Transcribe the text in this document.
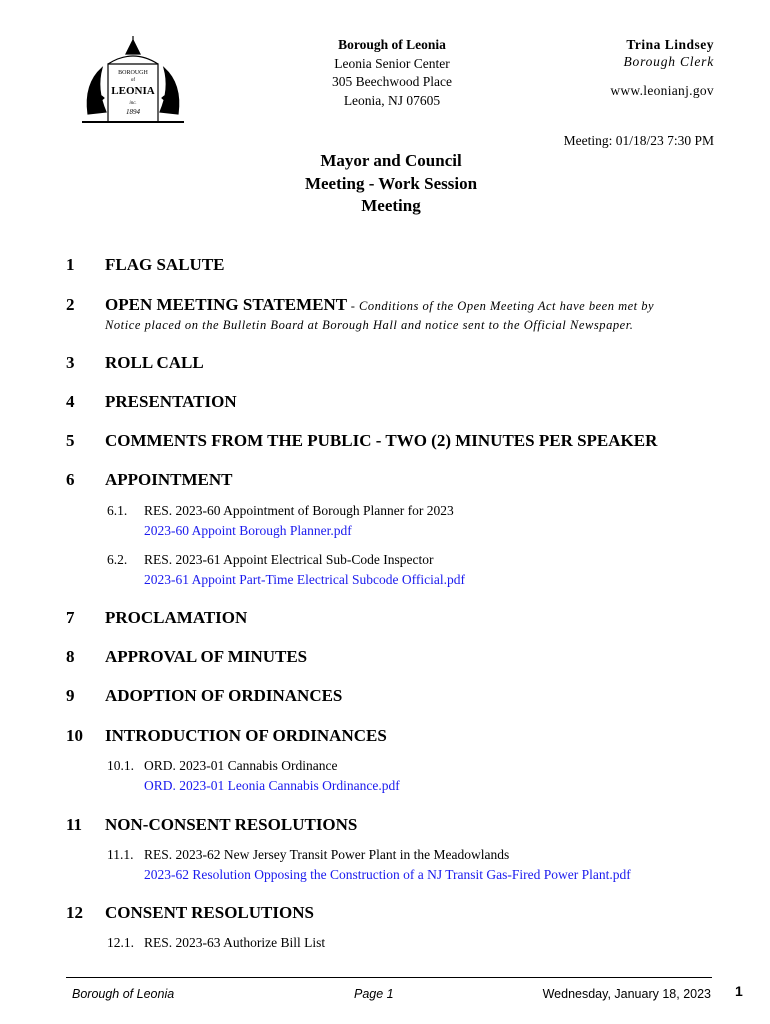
BOROUGH
of
LEONIA
inc.
1894
Borough of Leonia
Leonia Senior Center
305 Beechwood Place
Leonia, NJ 07605
Trina Lindsey
Borough Clerk
www.leonianj.gov
Meeting: 01/18/23 7:30 PM
Mayor and Council
Meeting - Work Session
Meeting
1	FLAG SALUTE
2	OPEN MEETING STATEMENT - Conditions of the Open Meeting Act have been met by
Notice placed on the Bulletin Board at Borough Hall and notice sent to the Official Newspaper.
3	ROLL CALL
4	PRESENTATION
5	COMMENTS FROM THE PUBLIC - TWO (2) MINUTES PER SPEAKER
6	APPOINTMENT
6.1. RES. 2023-60 Appointment of Borough Planner for 2023
2023-60 Appoint Borough Planner.pdf
6.2. RES. 2023-61 Appoint Electrical Sub-Code Inspector
2023-61 Appoint Part-Time Electrical Subcode Official.pdf
7	PROCLAMATION
8	APPROVAL OF MINUTES
9	ADOPTION OF ORDINANCES
10	INTRODUCTION OF ORDINANCES
10.1. ORD. 2023-01 Cannabis Ordinance
ORD. 2023-01 Leonia Cannabis Ordinance.pdf
11	NON-CONSENT RESOLUTIONS
11.1. RES. 2023-62 New Jersey Transit Power Plant in the Meadowlands
2023-62 Resolution Opposing the Construction of a NJ Transit Gas-Fired Power Plant.pdf
12	CONSENT RESOLUTIONS
12.1. RES. 2023-63 Authorize Bill List
Borough of Leonia	Page 1	Wednesday, January 18, 2023 1
